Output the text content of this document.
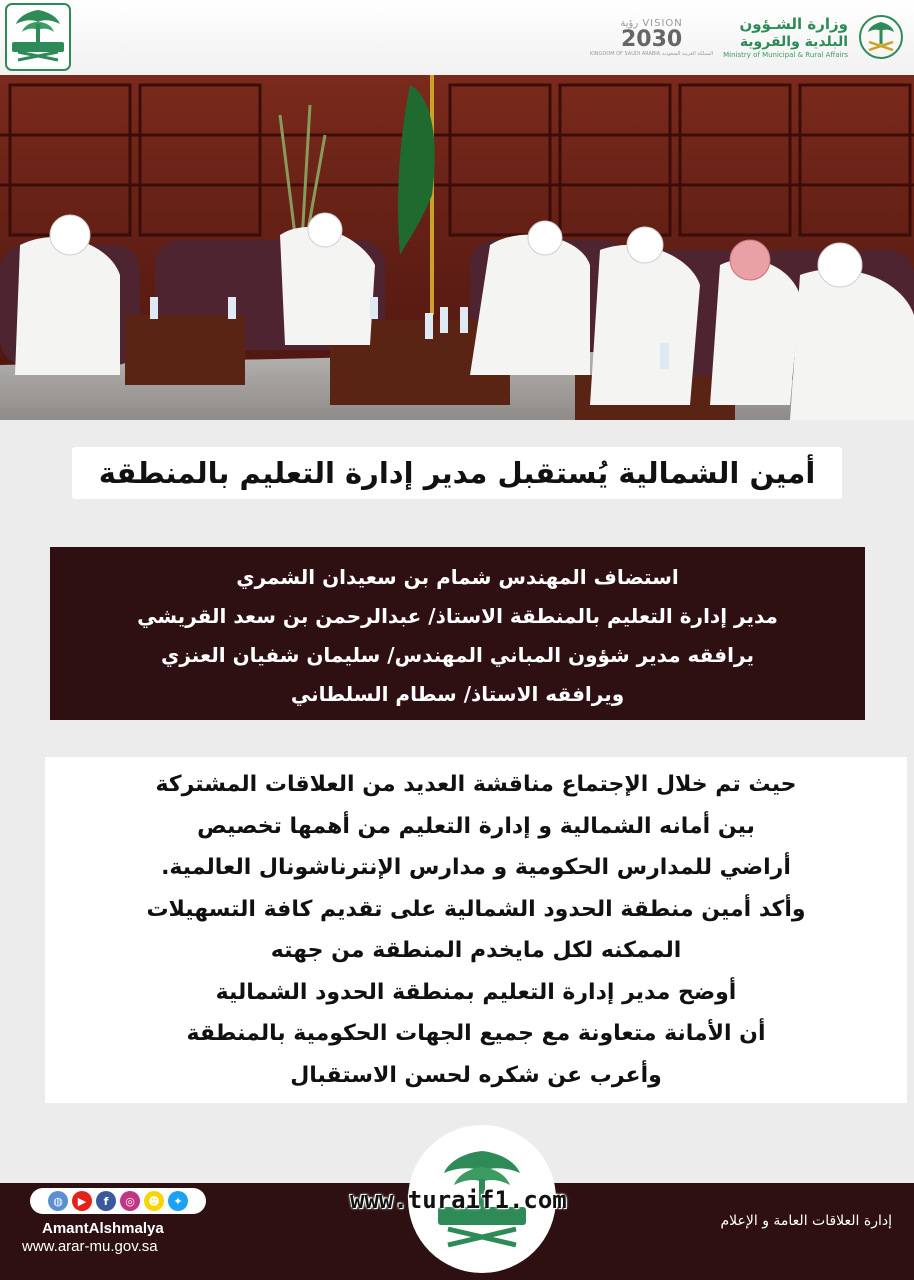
وزارة الشـؤون
البلدية والقروية
Ministry of Municipal & Rural Affairs
VISION رؤية
2030
المملكة العربية السعودية KINGDOM OF SAUDI ARABIA
أمين الشمالية يُستقبل مدير إدارة التعليم بالمنطقة
استضاف المهندس شمام بن سعيدان الشمري
مدير إدارة التعليم بالمنطقة الاستاذ/ عبدالرحمن بن سعد القريشي
يرافقه مدير شؤون المباني المهندس/ سليمان شفيان العنزي
ويرافقه الاستاذ/ سطام السلطاني
حيث تم خلال الإجتماع مناقشة العديد من العلاقات المشتركة
بين أمانه الشمالية و إدارة التعليم من أهمها تخصيص
أراضي للمدارس الحكومية و مدارس الإنترناشونال العالمية.
وأكد أمين منطقة الحدود الشمالية على تقديم كافة التسهيلات
الممكنه لكل مايخدم المنطقة من جهته
أوضح مدير إدارة التعليم بمنطقة الحدود الشمالية
أن الأمانة متعاونة مع جميع الجهات الحكومية بالمنطقة
وأعرب عن شكره لحسن الاستقبال
◍	▶	f	◎	☻	✦
AmantAlshmalya
www.arar-mu.gov.sa
إدارة العلاقات العامة و الإعلام
www.turaif1.com
